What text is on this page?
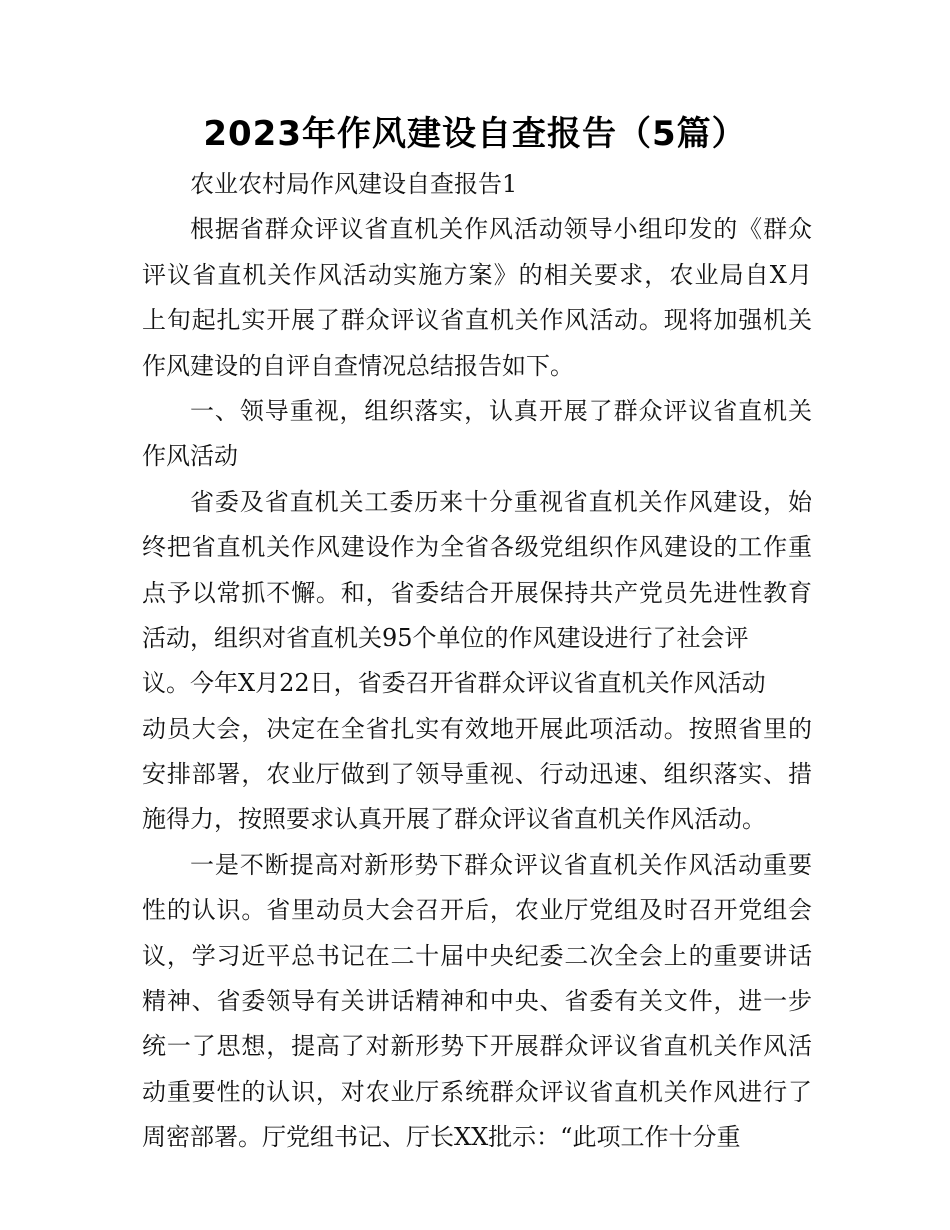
2023年作风建设自查报告（5篇）
农业农村局作风建设自查报告1
根据省群众评议省直机关作风活动领导小组印发的《群众
评议省直机关作风活动实施方案》的相关要求，农业局自X月
上旬起扎实开展了群众评议省直机关作风活动。现将加强机关
作风建设的自评自查情况总结报告如下。
一、领导重视，组织落实，认真开展了群众评议省直机关
作风活动
省委及省直机关工委历来十分重视省直机关作风建设，始
终把省直机关作风建设作为全省各级党组织作风建设的工作重
点予以常抓不懈。和，省委结合开展保持共产党员先进性教育
活动，组织对省直机关95个单位的作风建设进行了社会评
议。今年X月22日，省委召开省群众评议省直机关作风活动
动员大会，决定在全省扎实有效地开展此项活动。按照省里的
安排部署，农业厅做到了领导重视、行动迅速、组织落实、措
施得力，按照要求认真开展了群众评议省直机关作风活动。
一是不断提高对新形势下群众评议省直机关作风活动重要
性的认识。省里动员大会召开后，农业厅党组及时召开党组会
议，学习近平总书记在二十届中央纪委二次全会上的重要讲话
精神、省委领导有关讲话精神和中央、省委有关文件，进一步
统一了思想，提高了对新形势下开展群众评议省直机关作风活
动重要性的认识，对农业厅系统群众评议省直机关作风进行了
周密部署。厅党组书记、厅长XX批示：“此项工作十分重
